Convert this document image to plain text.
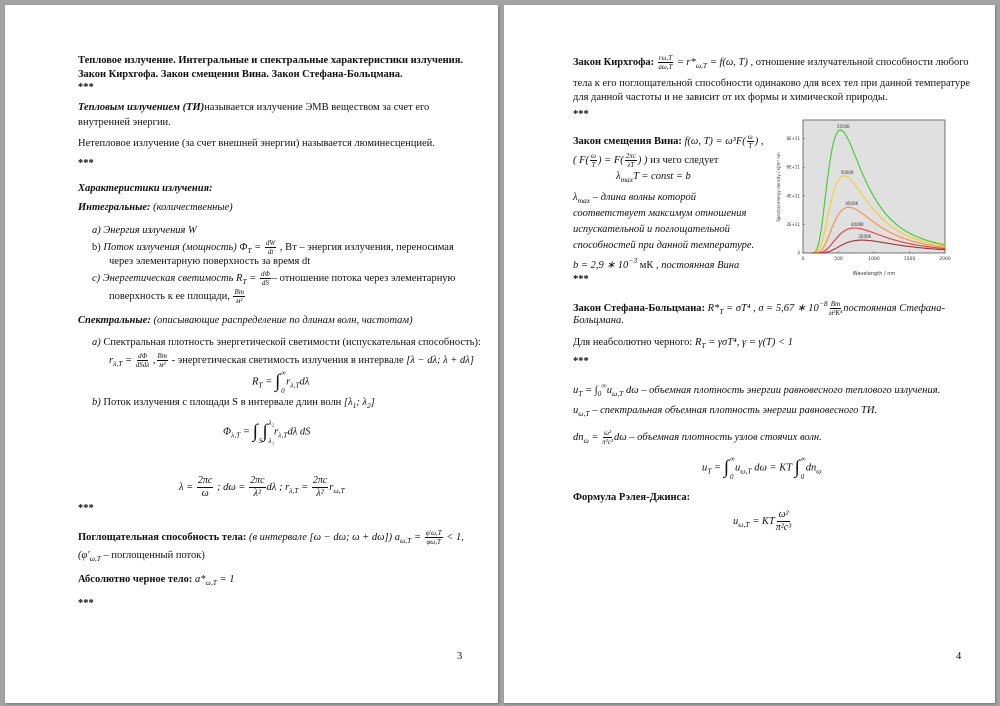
Тепловое излучение. Интегральные и спектральные характеристики излучения.
Закон Кирхгофа. Закон смещения Вина. Закон Стефана-Больцмана.
***
Тепловым излучением (ТИ)называется излучение ЭМВ веществом за счет его
внутренней энергии.
Нетепловое излучение (за счет внешней энергии) называется люминесценцией.
***
Характеристики излучения:
Интегральные: (количественные)
a) Энергия излучения W
b) Поток излучения (мощность) $\Phi_T = \frac{dW}{dt}$ , Вт – энергия излучения, переносимая
через элементарную поверхность за время dt
c) Энергетическая светимость $R_T = \frac{d\Phi}{dS}$ – отношение потока через элементарную
поверхность к ее площади, $\frac{Вт}{\text{м²}}$
Спектральные: (описывающие распределение по длинам волн, частотам)
a) Спектральная плотность энергетической светимости (испускательная способность):
$r_{\lambda,T} = \frac{d\Phi}{\text{dSdλ}}$ , $\frac{Вт}{\text{м³}}$ - энергетическая светимость излучения в интервале [λ − dλ; λ + dλ]
$R_T$ = ∫ ∞
0
$r_{\lambda,T}d\lambda$
b) Поток излучения с площади S в интервале длин волн [$\lambda_1$; $\lambda_2$]
$\Phi_{\lambda,T}$ = ∫ S ∫ λ₂
λ₁
$r_{\lambda,T}d\lambda$ dS
$\lambda = \frac{2\pi c}{\omega}$ ; $d\omega = \frac{2\pi c}{\text{λ²}}$ dλ ; $r_{\lambda,T} = \frac{2\pi c}{\text{λ²}} r_{\omega,T}$
***
Поглощательная способность тела: (в интервале [ω − dω; ω + dω]) $a_{\omega,T} = \frac{\varphi'\omega,T}{\varphi\omega,T} < 1$,
($\varphi'_{\omega,T}$ – поглощенный поток)
Абсолютно черное тело: $a*_{\omega,T} = 1$
***
3
Закон Кирхгофа: $\frac{r\omega,T}{a\omega,T} = r*_{\omega,T} = f(\omega$, T) , отношение излучательной способности любого
тела к его поглощательной способности одинаково для всех тел при данной температуре
для данной частоты и не зависит от их формы и химической природы.
***
Закон смещения Вина: f(ω, $T) = \omega^3F( \frac{\omega}{T}$ ) ,
( $F( \frac{\omega}{T}$ ) = $F( \frac{2\pi c}{\lambda T}$ ) ) из чего следует
$\lambda_{max}T$ = const = b
$\lambda_{max}$ – длина волны которой
соответствует максимум отношения
испускательной и поглощательной
способностей при данной температуре.
b = 2,9 ∗ $10^{-3}$ мК , постоянная Вина
***
Закон Стефана-Больцмана: $R*_T = \sigma T^4$ , σ = 5,67 ∗ $10^{-8} \frac{Вт}{\text{м²K⁴}}$ постоянная Стефана-
Больцмана.
Для неабсолютно черного: $R_T = \gamma\sigma T^4$, γ = γ(T) < 1
***
$u_T = \int_0^\infty u_{\omega,T}$ dω – объемная плотность энергии равновесного теплового излучения.
$u_{\omega,T}$ – спектральная объемная плотность энергии равновесного ТИ.
$dn_\omega = \frac{\text{ω²}}{\text{π²c³}}$ dω – объемная плотность узлов стоячих волн.
$u_T$ = ∫ ∞
0
$u_{\omega,T}$ dω = KT ∫ ∞
0
$dn_\omega$
Формула Рэлея-Джинса:
$u_{\omega,T}$ = KT $\frac{\text{ω²}}{\text{π²c³}}$
4
5500K
5000K
4500K
4000K
3500K
0	500	1000	1500	2000
0
2E+11
4E+11
6E+11
8E+11
Wavelength / nm
Spectral energy density / kJ/m³ nm
